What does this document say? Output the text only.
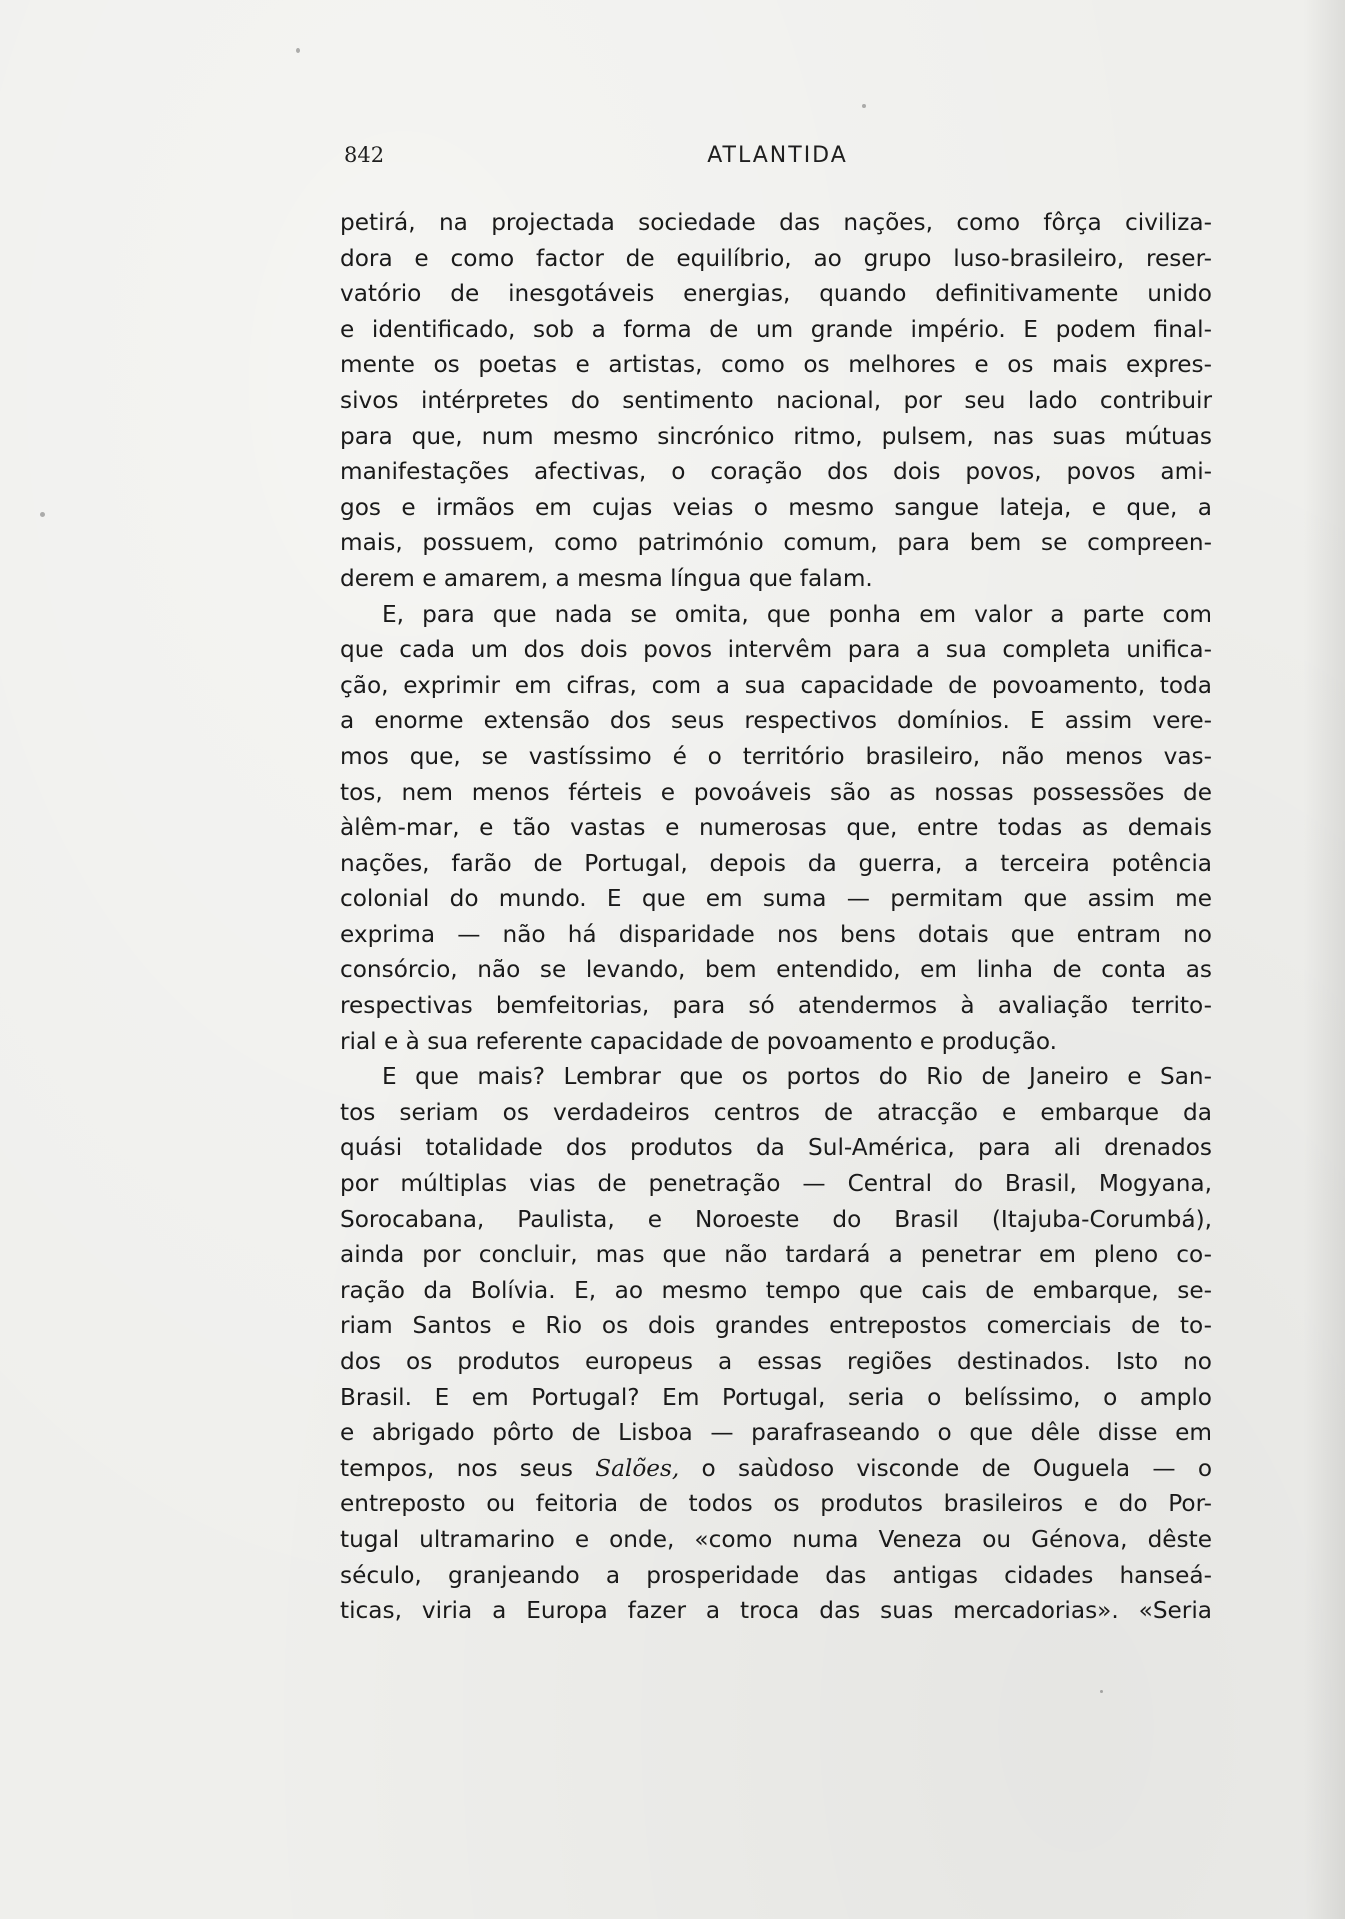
842	ATLANTIDA
petirá, na projectada sociedade das nações, como fôrça civiliza-
dora e como factor de equilíbrio, ao grupo luso-brasileiro, reser-
vatório de inesgotáveis energias, quando definitivamente unido
e identificado, sob a forma de um grande império. E podem final-
mente os poetas e artistas, como os melhores e os mais expres-
sivos intérpretes do sentimento nacional, por seu lado contribuir
para que, num mesmo sincrónico ritmo, pulsem, nas suas mútuas
manifestações afectivas, o coração dos dois povos, povos ami-
gos e irmãos em cujas veias o mesmo sangue lateja, e que, a
mais, possuem, como património comum, para bem se compreen-
derem e amarem, a mesma língua que falam.
E, para que nada se omita, que ponha em valor a parte com
que cada um dos dois povos intervêm para a sua completa unifica-
ção, exprimir em cifras, com a sua capacidade de povoamento, toda
a enorme extensão dos seus respectivos domínios. E assim vere-
mos que, se vastíssimo é o território brasileiro, não menos vas-
tos, nem menos férteis e povoáveis são as nossas possessões de
àlêm-mar, e tão vastas e numerosas que, entre todas as demais
nações, farão de Portugal, depois da guerra, a terceira potência
colonial do mundo. E que em suma — permitam que assim me
exprima — não há disparidade nos bens dotais que entram no
consórcio, não se levando, bem entendido, em linha de conta as
respectivas bemfeitorias, para só atendermos à avaliação territo-
rial e à sua referente capacidade de povoamento e produção.
E que mais? Lembrar que os portos do Rio de Janeiro e San-
tos seriam os verdadeiros centros de atracção e embarque da
quási totalidade dos produtos da Sul-América, para ali drenados
por múltiplas vias de penetração — Central do Brasil, Mogyana,
Sorocabana, Paulista, e Noroeste do Brasil (Itajuba-Corumbá),
ainda por concluir, mas que não tardará a penetrar em pleno co-
ração da Bolívia. E, ao mesmo tempo que cais de embarque, se-
riam Santos e Rio os dois grandes entrepostos comerciais de to-
dos os produtos europeus a essas regiões destinados. Isto no
Brasil. E em Portugal? Em Portugal, seria o belíssimo, o amplo
e abrigado pôrto de Lisboa — parafraseando o que dêle disse em
tempos, nos seus Salões, o saùdoso visconde de Ouguela — o
entreposto ou feitoria de todos os produtos brasileiros e do Por-
tugal ultramarino e onde, «como numa Veneza ou Génova, dêste
século, granjeando a prosperidade das antigas cidades hanseá-
ticas, viria a Europa fazer a troca das suas mercadorias». «Seria
